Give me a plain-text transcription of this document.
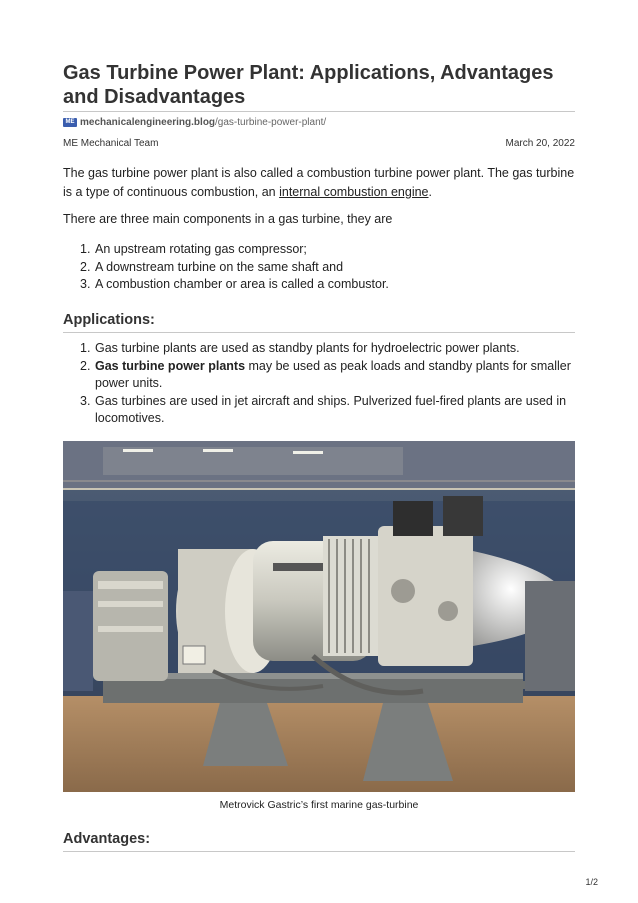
Gas Turbine Power Plant: Applications, Advantages and Disadvantages
ME mechanicalengineering.blog/gas-turbine-power-plant/
ME Mechanical Team	March 20, 2022

The gas turbine power plant is also called a combustion turbine power plant. The gas turbine is a type of continuous combustion, an internal combustion engine.

There are three main components in a gas turbine, they are

1. An upstream rotating gas compressor;
2. A downstream turbine on the same shaft and
3. A combustion chamber or area is called a combustor.
Applications:
1. Gas turbine plants are used as standby plants for hydroelectric power plants.
2. Gas turbine power plants may be used as peak loads and standby plants for smaller power units.
3. Gas turbines are used in jet aircraft and ships. Pulverized fuel-fired plants are used in locomotives.
Metrovick Gastric’s first marine gas-turbine
Advantages:
1/2
